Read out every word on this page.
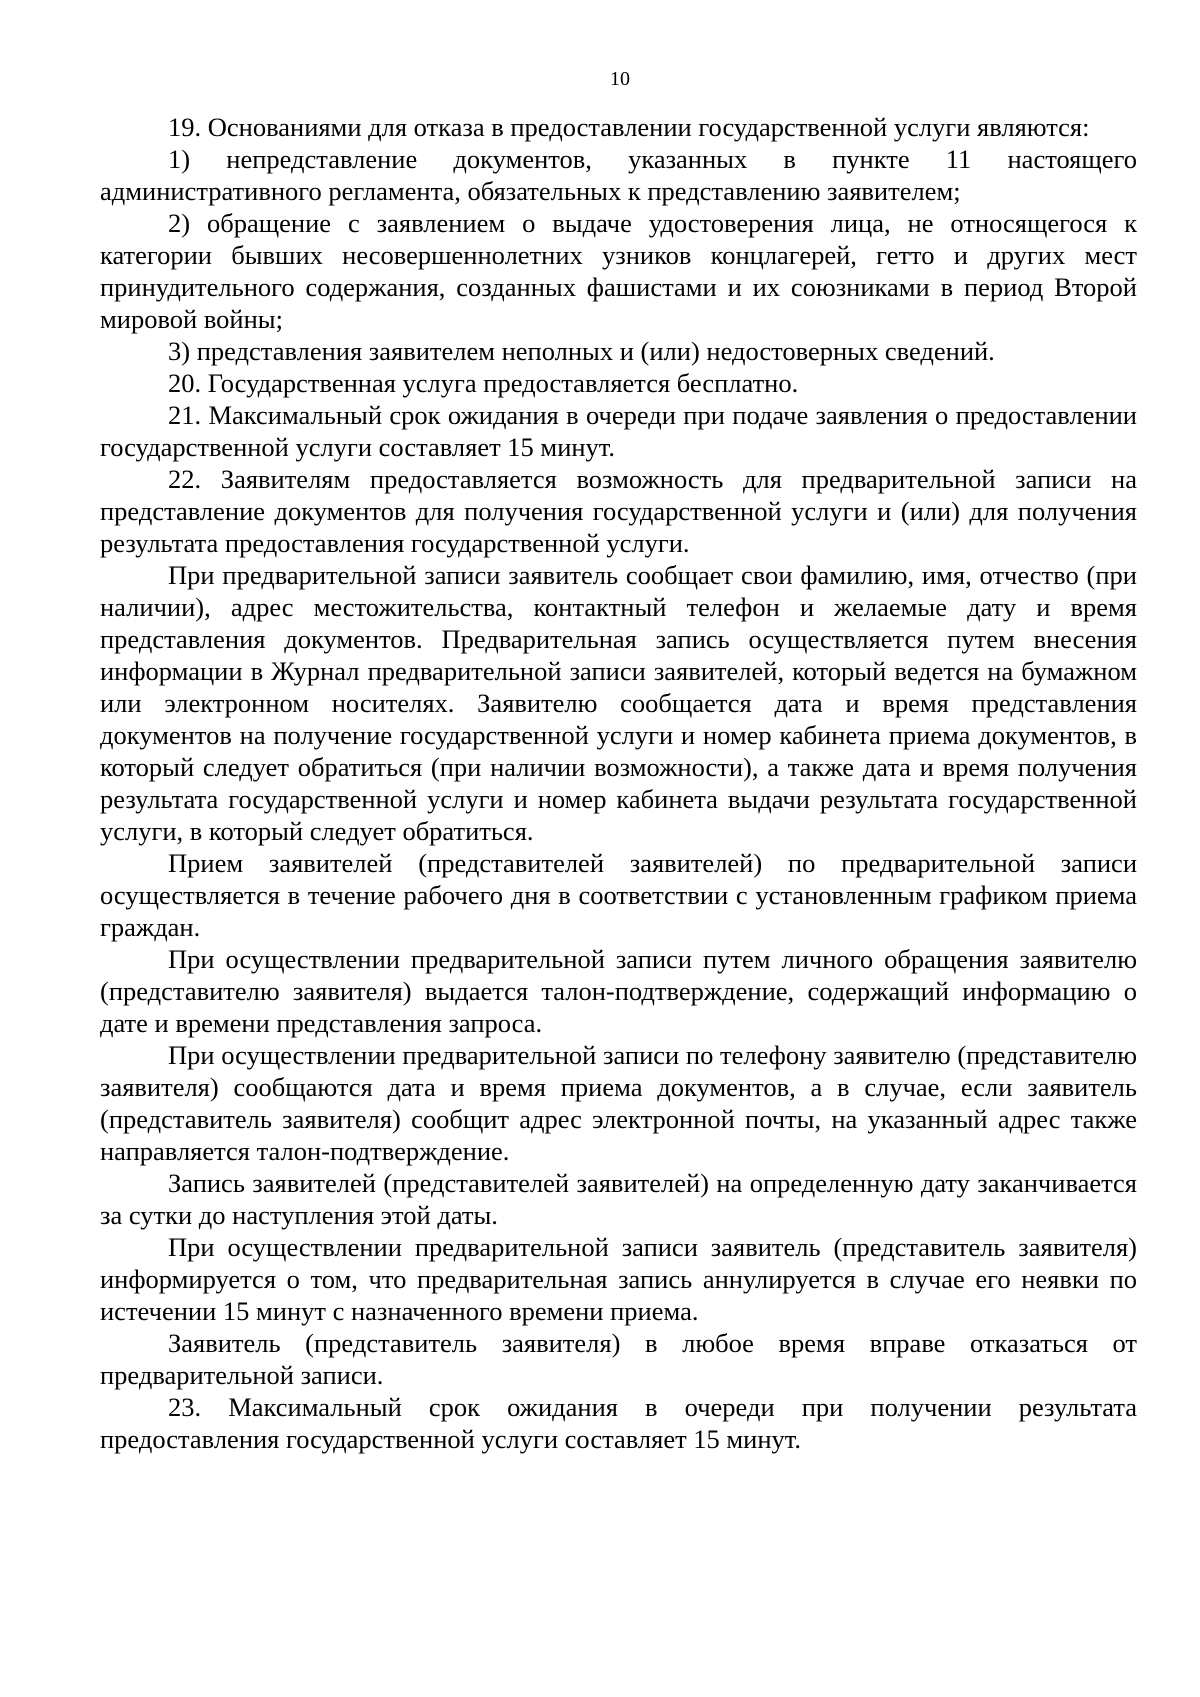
10

19. Основаниями для отказа в предоставлении государственной услуги являются:

1) непредставление документов, указанных в пункте 11 настоящего административного регламента, обязательных к представлению заявителем;

2) обращение с заявлением о выдаче удостоверения лица, не относящегося к категории бывших несовершеннолетних узников концлагерей, гетто и других мест принудительного содержания, созданных фашистами и их союзниками в период Второй мировой войны;

3) представления заявителем неполных и (или) недостоверных сведений.

20. Государственная услуга предоставляется бесплатно.

21. Максимальный срок ожидания в очереди при подаче заявления о предоставлении государственной услуги составляет 15 минут.

22. Заявителям предоставляется возможность для предварительной записи на представление документов для получения государственной услуги и (или) для получения результата предоставления государственной услуги.

При предварительной записи заявитель сообщает свои фамилию, имя, отчество (при наличии), адрес местожительства, контактный телефон и желаемые дату и время представления документов. Предварительная запись осуществляется путем внесения информации в Журнал предварительной записи заявителей, который ведется на бумажном или электронном носителях. Заявителю сообщается дата и время представления документов на получение государственной услуги и номер кабинета приема документов, в который следует обратиться (при наличии возможности), а также дата и время получения результата государственной услуги и номер кабинета выдачи результата государственной услуги, в который следует обратиться.

Прием заявителей (представителей заявителей) по предварительной записи осуществляется в течение рабочего дня в соответствии с установленным графиком приема граждан.

При осуществлении предварительной записи путем личного обращения заявителю (представителю заявителя) выдается талон-подтверждение, содержащий информацию о дате и времени представления запроса.

При осуществлении предварительной записи по телефону заявителю (представителю заявителя) сообщаются дата и время приема документов, а в случае, если заявитель (представитель заявителя) сообщит адрес электронной почты, на указанный адрес также направляется талон-подтверждение.

Запись заявителей (представителей заявителей) на определенную дату заканчивается за сутки до наступления этой даты.

При осуществлении предварительной записи заявитель (представитель заявителя) информируется о том, что предварительная запись аннулируется в случае его неявки по истечении 15 минут с назначенного времени приема.

Заявитель (представитель заявителя) в любое время вправе отказаться от предварительной записи.

23. Максимальный срок ожидания в очереди при получении результата предоставления государственной услуги составляет 15 минут.
